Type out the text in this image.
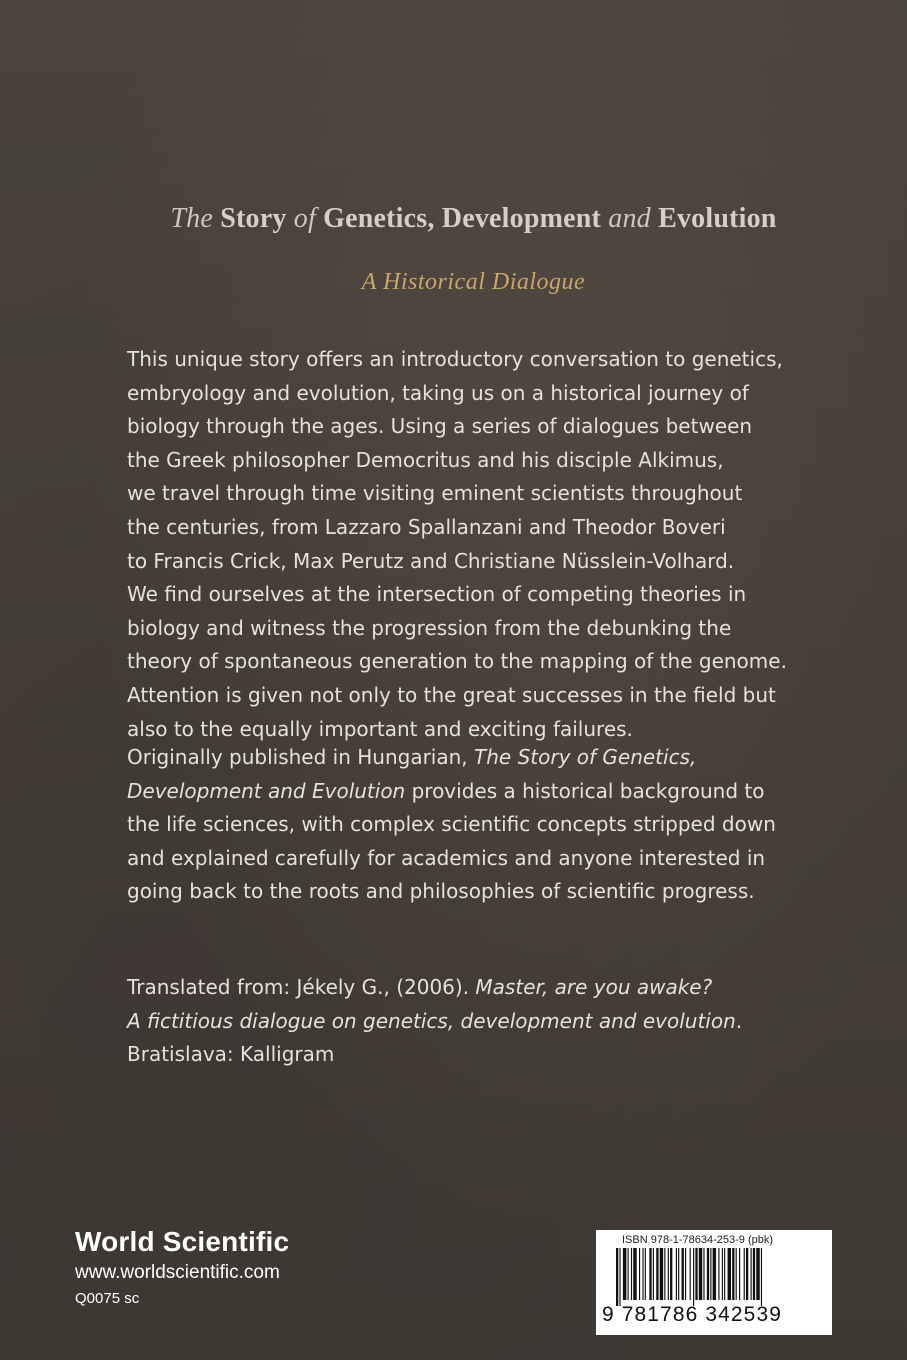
The Story of Genetics, Development and Evolution
A Historical Dialogue
This unique story offers an introductory conversation to genetics,
embryology and evolution, taking us on a historical journey of
biology through the ages. Using a series of dialogues between
the Greek philosopher Democritus and his disciple Alkimus,
we travel through time visiting eminent scientists throughout
the centuries, from Lazzaro Spallanzani and Theodor Boveri
to Francis Crick, Max Perutz and Christiane Nüsslein-Volhard.
We find ourselves at the intersection of competing theories in
biology and witness the progression from the debunking the
theory of spontaneous generation to the mapping of the genome.
Attention is given not only to the great successes in the field but
also to the equally important and exciting failures.
Originally published in Hungarian, The Story of Genetics,
Development and Evolution provides a historical background to
the life sciences, with complex scientific concepts stripped down
and explained carefully for academics and anyone interested in
going back to the roots and philosophies of scientific progress.
Translated from: Jékely G., (2006). Master, are you awake?
A fictitious dialogue on genetics, development and evolution.
Bratislava: Kalligram
World Scientific
www.worldscientific.com
Q0075 sc
ISBN 978-1-78634-253-9 (pbk)
9 781786 342539
